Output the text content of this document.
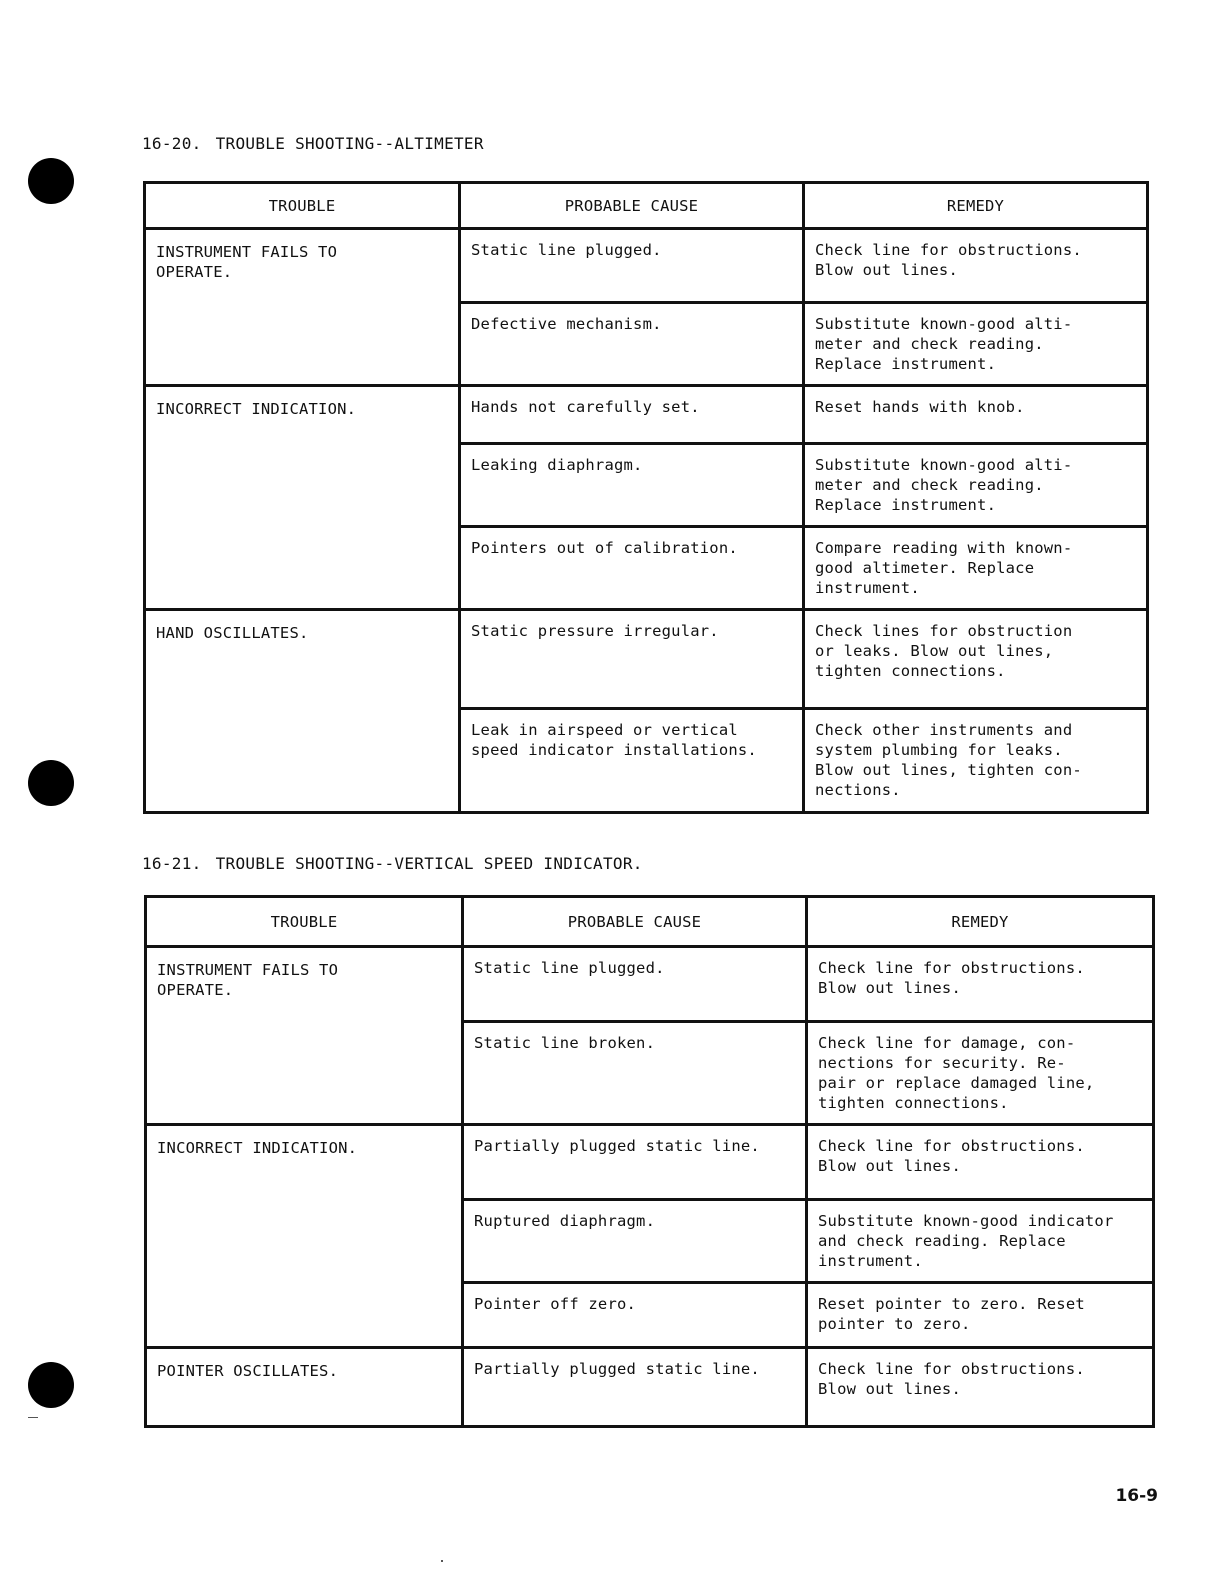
16-20. TROUBLE SHOOTING--ALTIMETER
TROUBLE	PROBABLE CAUSE	REMEDY

INSTRUMENT FAILS TO
OPERATE.	Static line plugged.	Check line for obstructions.
Blow out lines.

	Defective mechanism.	Substitute known-good alti-
meter and check reading.
Replace instrument.

INCORRECT INDICATION.	Hands not carefully set.	Reset hands with knob.

	Leaking diaphragm.	Substitute known-good alti-
meter and check reading.
Replace instrument.

	Pointers out of calibration.	Compare reading with known-
good altimeter. Replace
instrument.

HAND OSCILLATES.	Static pressure irregular.	Check lines for obstruction
or leaks. Blow out lines,
tighten connections.

	Leak in airspeed or vertical
speed indicator installations.	Check other instruments and
system plumbing for leaks.
Blow out lines, tighten con-
nections.
16-21. TROUBLE SHOOTING--VERTICAL SPEED INDICATOR.
TROUBLE	PROBABLE CAUSE	REMEDY

INSTRUMENT FAILS TO
OPERATE.	Static line plugged.	Check line for obstructions.
Blow out lines.

	Static line broken.	Check line for damage, con-
nections for security. Re-
pair or replace damaged line,
tighten connections.

INCORRECT INDICATION.	Partially plugged static line.	Check line for obstructions.
Blow out lines.

	Ruptured diaphragm.	Substitute known-good indicator
and check reading. Replace
instrument.

	Pointer off zero.	Reset pointer to zero. Reset
pointer to zero.

POINTER OSCILLATES.	Partially plugged static line.	Check line for obstructions.
Blow out lines.
16-9
